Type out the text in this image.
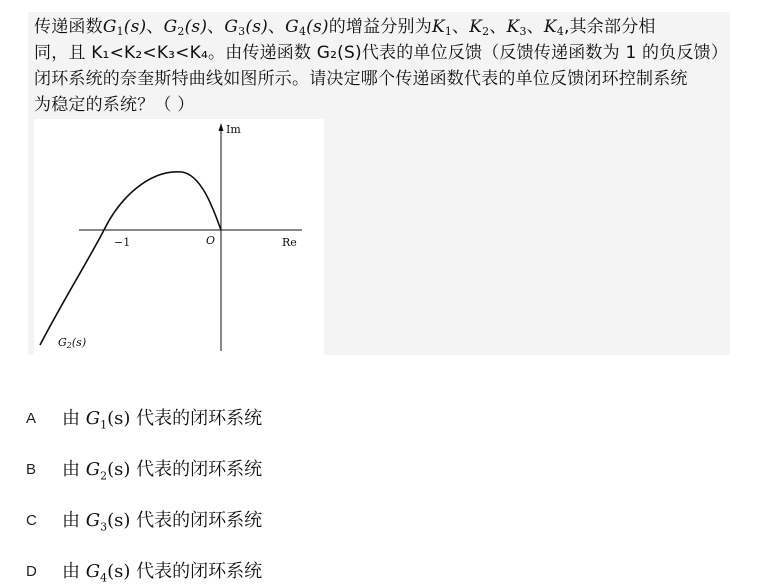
传递函数$G_1(s)$、$G_2(s)$、$G_3(s)$、$G_4(s)$的增益分别为$K_1$、$K_2$、$K_3$、$K_4$,其余部分相
同，且 K₁<K₂<K₃<K₄。由传递函数 G₂(S)代表的单位反馈（反馈传递函数为 1 的负反馈）
闭环系统的奈奎斯特曲线如图所示。请决定哪个传递函数代表的单位反馈闭环控制系统
为稳定的系统？（ ）
Im
Re
−1	O
G2(s)
A	由 $G_1(s)$ 代表的闭环系统
B	由 $G_2(s)$ 代表的闭环系统
C	由 $G_3(s)$ 代表的闭环系统
D	由 $G_4(s)$ 代表的闭环系统
